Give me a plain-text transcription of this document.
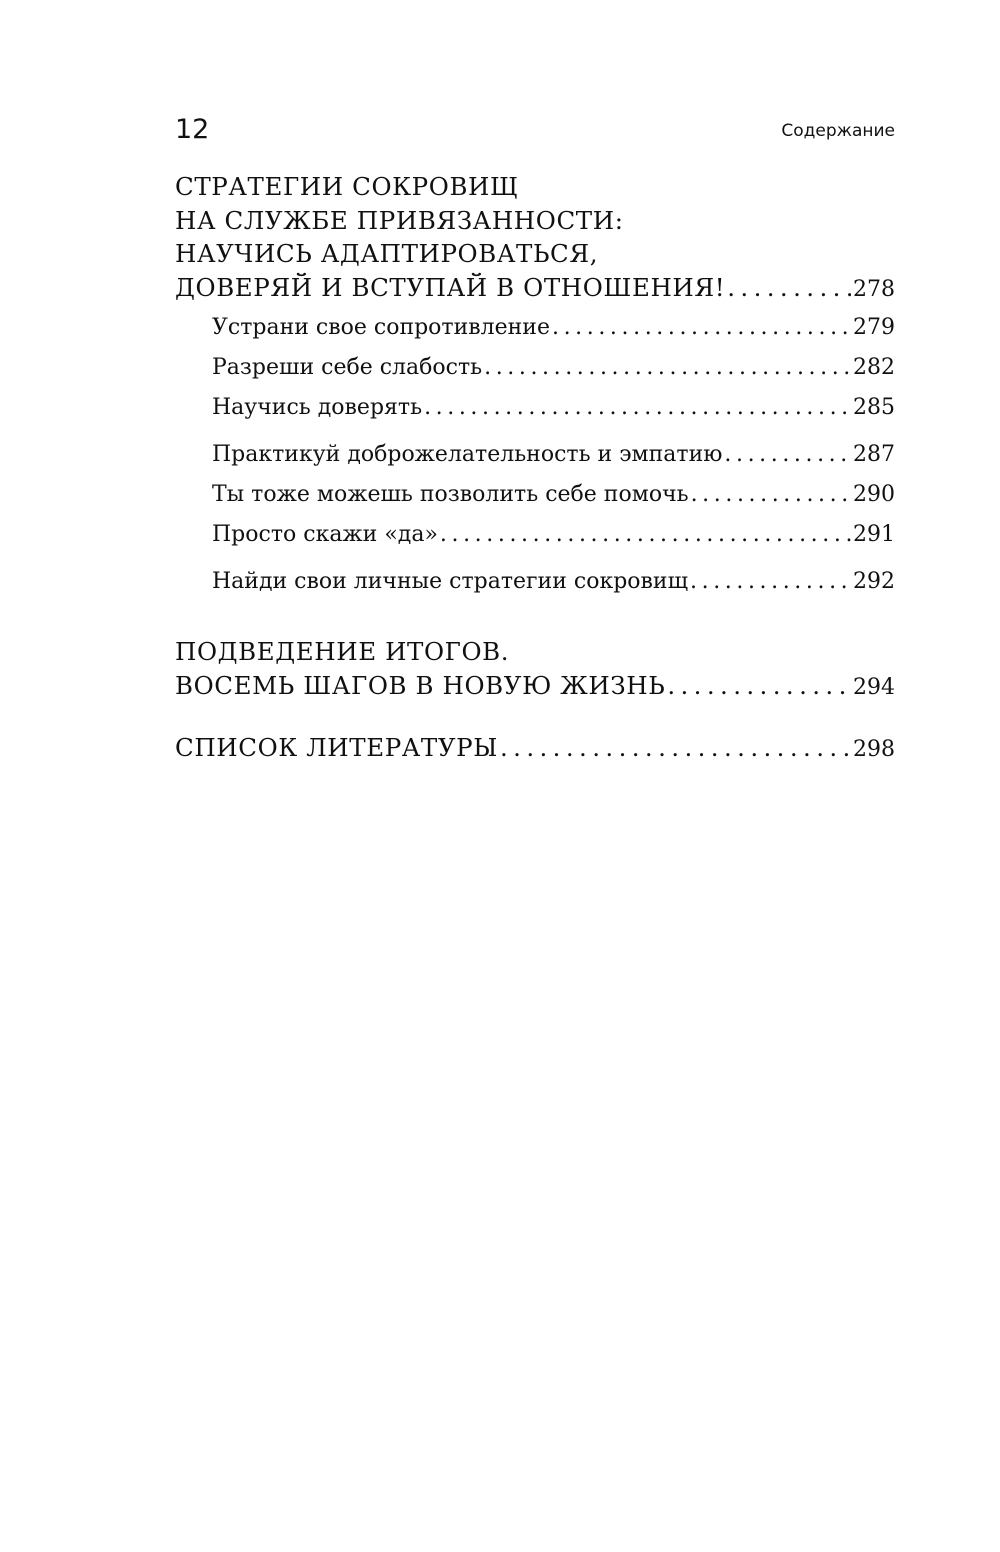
12	Содержание
СТРАТЕГИИ СОКРОВИЩ
НА СЛУЖБЕ ПРИВЯЗАННОСТИ:
НАУЧИСЬ АДАПТИРОВАТЬСЯ,
ДОВЕРЯЙ И ВСТУПАЙ В ОТНОШЕНИЯ! . . .	278
Устрани свое сопротивление . . .	279
Разреши себе слабость . . .	282
Научись доверять . . .	285
Практикуй доброжелательность и эмпатию . . .	287
Ты тоже можешь позволить себе помочь . . .	290
Просто скажи «да» . . .	291
Найди свои личные стратегии сокровищ . . .	292
ПОДВЕДЕНИЕ ИТОГОВ.
ВОСЕМЬ ШАГОВ В НОВУЮ ЖИЗНЬ . . .	294
СПИСОК ЛИТЕРАТУРЫ . . .	298
